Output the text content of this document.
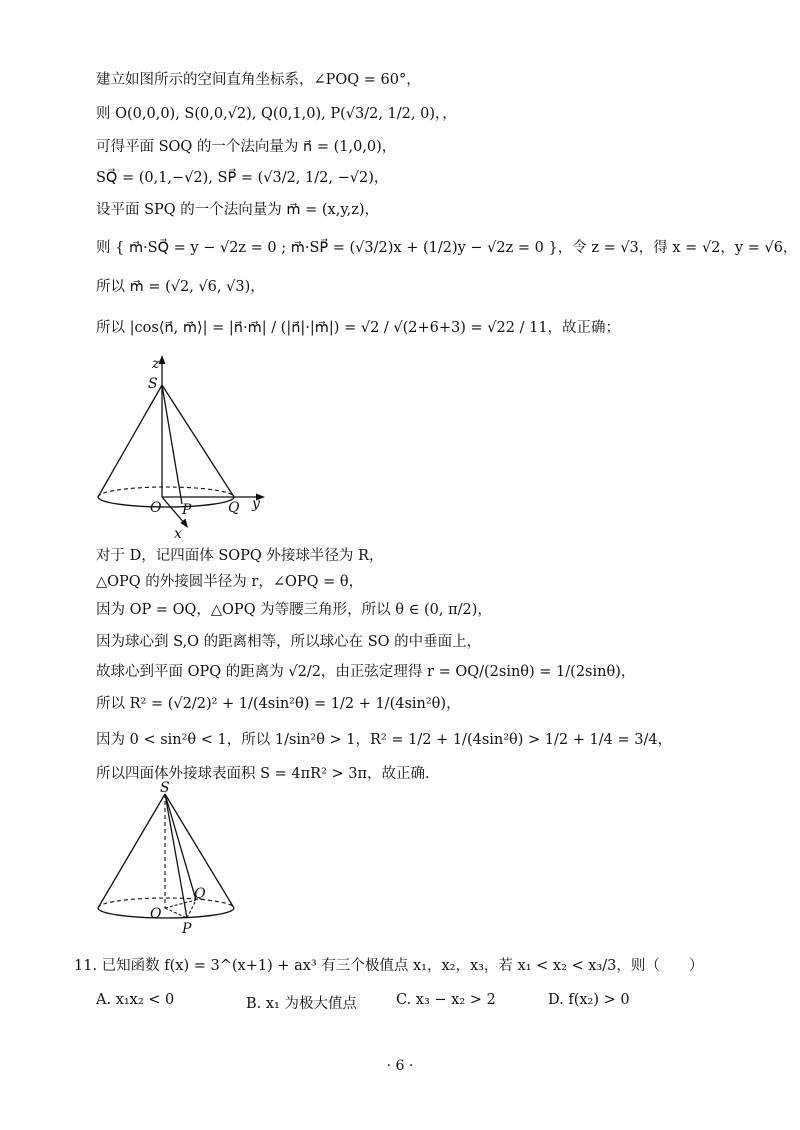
建立如图所示的空间直角坐标系，∠POQ = 60°，
则 O(0,0,0), S(0,0,√2), Q(0,1,0), P(√3/2, 1/2, 0)，，
可得平面 SOQ 的一个法向量为 n⃗ = (1,0,0)，
SQ⃗ = (0,1,−√2), SP⃗ = (√3/2, 1/2, −√2)，
设平面 SPQ 的一个法向量为 m⃗ = (x,y,z)，
则 { m⃗·SQ⃗ = y − √2z = 0 ; m⃗·SP⃗ = (√3/2)x + (1/2)y − √2z = 0 }，令 z = √3，得 x = √2，y = √6，
所以 m⃗ = (√2, √6, √3)，
所以 |cos⟨n⃗, m⃗⟩| = |n⃗·m⃗| / (|n⃗|·|m⃗|) = √2 / √(2+6+3) = √22 / 11，故正确；
z
S
O P	Q y
x
对于 D，记四面体 SOPQ 外接球半径为 R，
△OPQ 的外接圆半径为 r，∠OPQ = θ，
因为 OP = OQ，△OPQ 为等腰三角形，所以 θ ∈ (0, π/2)，
因为球心到 S,O 的距离相等，所以球心在 SO 的中垂面上，
故球心到平面 OPQ 的距离为 √2/2，由正弦定理得 r = OQ/(2sinθ) = 1/(2sinθ)，
所以 R² = (√2/2)² + 1/(4sin²θ) = 1/2 + 1/(4sin²θ)，
因为 0 < sin²θ < 1，所以 1/sin²θ > 1，R² = 1/2 + 1/(4sin²θ) > 1/2 + 1/4 = 3/4，
所以四面体外接球表面积 S = 4πR² > 3π，故正确.
S
Q
O
P
11. 已知函数 f(x) = 3^(x+1) + ax³ 有三个极值点 x₁，x₂，x₃，若 x₁ < x₂ < x₃/3，则（　　）
A. x₁x₂ < 0	B. x₁ 为极大值点	C. x₃ − x₂ > 2	D. f(x₂) > 0
· 6 ·
